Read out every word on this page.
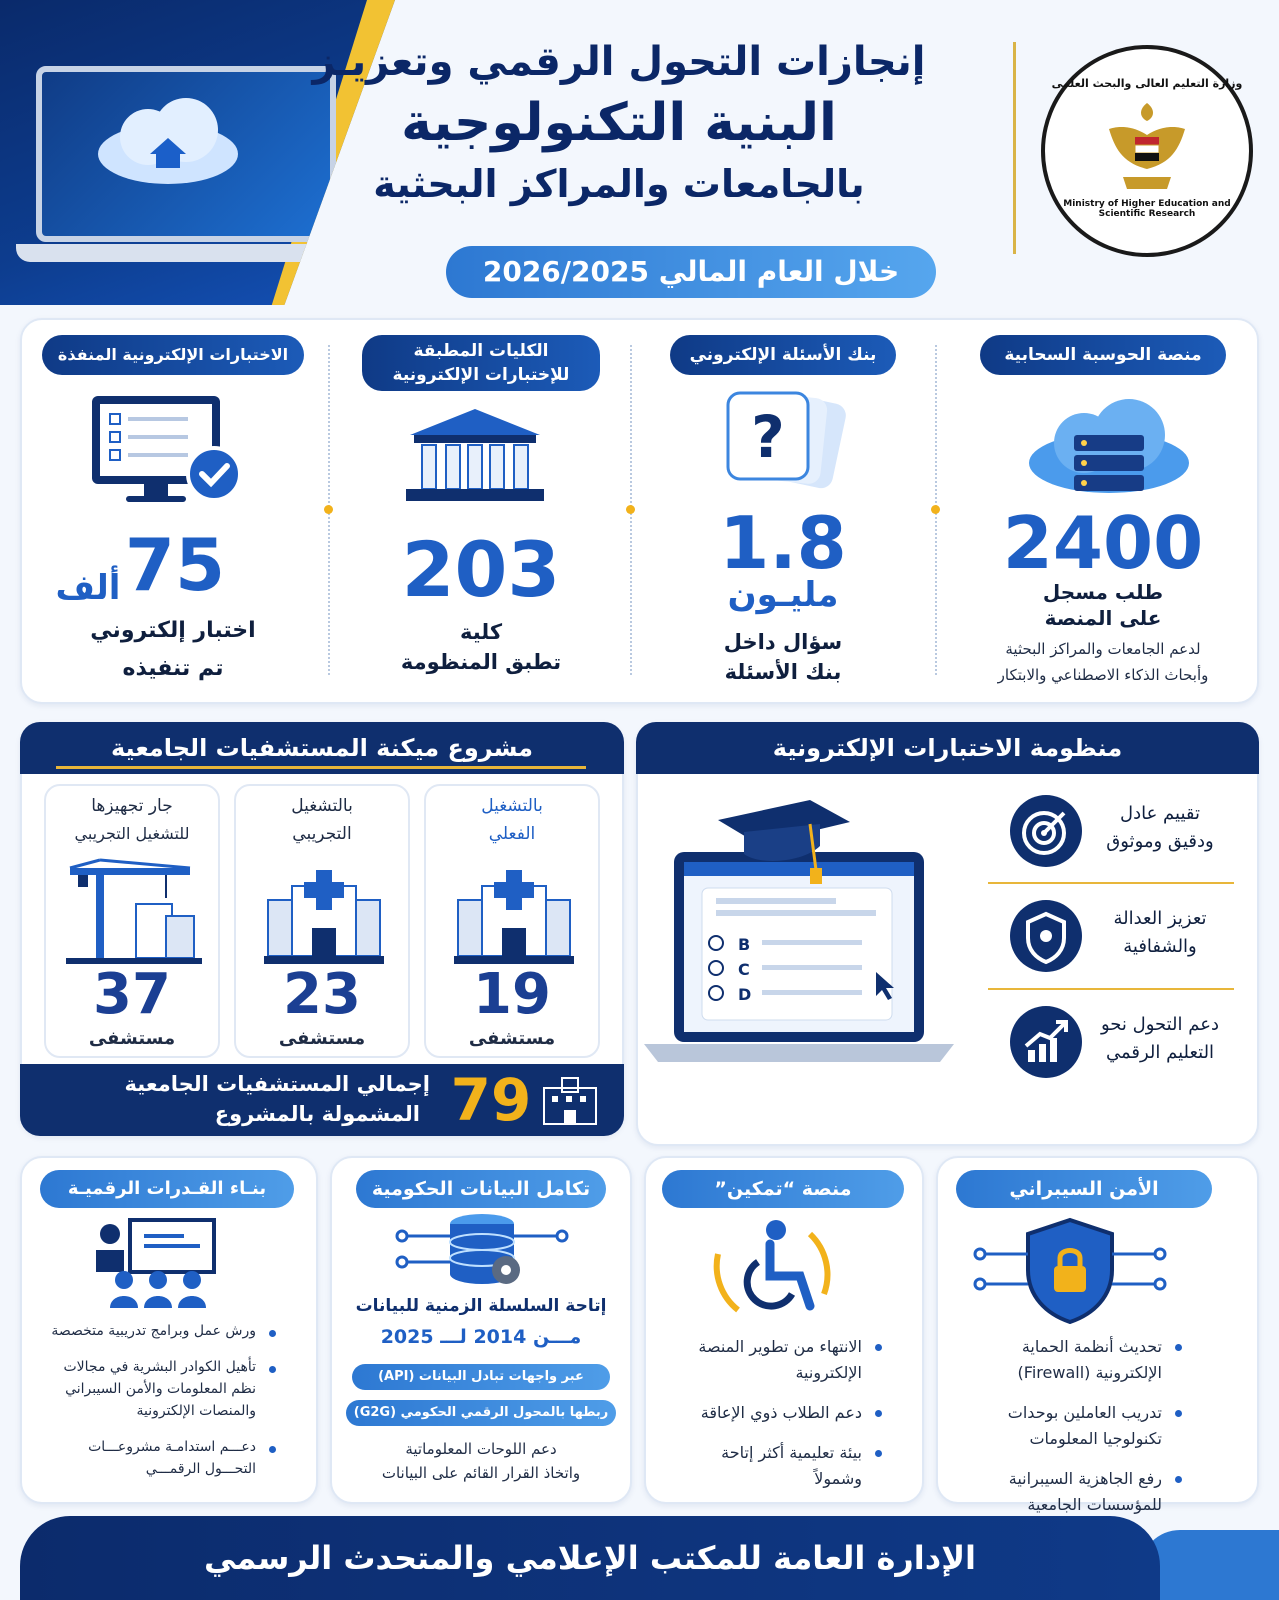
إنجازات التحول الرقمي وتعزيـز
البنية التكنولوجية
بالجامعات والمراكز البحثية
خلال العام المالي 2026/2025
وزارة التعليم العالى والبحث العلمى
Ministry of Higher Education and Scientific Research
منصة الحوسبة السحابية
2400
طلب مسجل
على المنصة
لدعم الجامعات والمراكز البحثية
وأبحاث الذكاء الاصطناعي والابتكار
بنك الأسئلة الإلكتروني
?
1.8
مليـون
سؤال داخل
بنك الأسئلة
الكليات المطبقة
للإختبارات الإلكترونية
203
كلية
تطبق المنظومة
الاختبارات الإلكترونية المنفذة
75
ألف
اختبار إلكتروني
تم تنفيذه
منظومة الاختبارات الإلكترونية
B
C
D
تقييم عادل
ودقيق وموثوق
تعزيز العدالة
والشفافية
دعم التحول نحو
التعليم الرقمي
مشروع ميكنة المستشفيات الجامعية
بالتشغيل
الفعلي
19
مستشفى
بالتشغيل
التجريبي
23
مستشفى
جار تجهيزها
للتشغيل التجريبي
37
مستشفى
79
إجمالي المستشفيات الجامعية
المشمولة بالمشروع
الأمن السيبراني
تحديث أنظمة الحماية الإلكترونية (Firewall)
تدريب العاملين بوحدات تكنولوجيا المعلومات
رفع الجاهزية السيبرانية للمؤسسات الجامعية
منصة “تمكين”
الانتهاء من تطوير المنصة الإلكترونية
دعم الطلاب ذوي الإعاقة
بيئة تعليمية أكثر إتاحة وشمولاً
تكامل البيانات الحكومية
إتاحة السلسلة الزمنية للبيانات
مـــن 2014 لـــ 2025
عبر واجهات تبادل البيانات (API)
ربطها بالمحول الرقمي الحكومي (G2G)
دعم اللوحات المعلوماتية
واتخاذ القرار القائم على البيانات
بنـاء القـدرات الرقميـة
ورش عمل وبرامج تدريبية متخصصة
تأهيل الكوادر البشرية في مجالات نظم المعلومات والأمن السيبراني والمنصات الإلكترونية
دعـــم استدامـة مشروعـــات التحـــول الرقمـــي
الإدارة العامة للمكتب الإعلامي والمتحدث الرسمي
